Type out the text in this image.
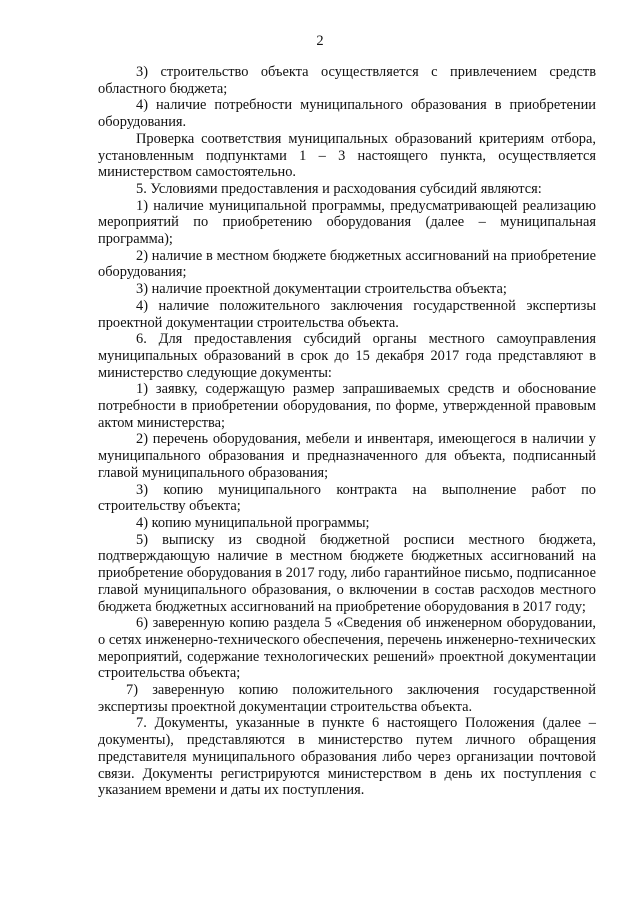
2

3) строительство объекта осуществляется с привлечением средств областного бюджета;

4) наличие потребности муниципального образования в приобретении оборудования.

Проверка соответствия муниципальных образований критериям отбора, установленным подпунктами 1 – 3 настоящего пункта, осуществляется министерством самостоятельно.

5. Условиями предоставления и расходования субсидий являются:

1) наличие муниципальной программы, предусматривающей реализацию мероприятий по приобретению оборудования (далее – муниципальная программа);

2) наличие в местном бюджете бюджетных ассигнований на приобретение оборудования;

3) наличие проектной документации строительства объекта;

4) наличие положительного заключения государственной экспертизы проектной документации строительства объекта.

6. Для предоставления субсидий органы местного самоуправления муниципальных образований в срок до 15 декабря 2017 года представляют в министерство следующие документы:

1) заявку, содержащую размер запрашиваемых средств и обоснование потребности в приобретении оборудования, по форме, утвержденной правовым актом министерства;

2) перечень оборудования, мебели и инвентаря, имеющегося в наличии у муниципального образования и предназначенного для объекта, подписанный главой муниципального образования;

3) копию муниципального контракта на выполнение работ по строительству объекта;

4) копию муниципальной программы;

5) выписку из сводной бюджетной росписи местного бюджета, подтверждающую наличие в местном бюджете бюджетных ассигнований на приобретение оборудования в 2017 году, либо гарантийное письмо, подписанное главой муниципального образования, о включении в состав расходов местного бюджета бюджетных ассигнований на приобретение оборудования в 2017 году;

6) заверенную копию раздела 5 «Сведения об инженерном оборудовании, о сетях инженерно-технического обеспечения, перечень инженерно-технических мероприятий, содержание технологических решений» проектной документации строительства объекта;

7) заверенную копию положительного заключения государственной экспертизы проектной документации строительства объекта.

7. Документы, указанные в пункте 6 настоящего Положения (далее – документы), представляются в министерство путем личного обращения представителя муниципального образования либо через организации почтовой связи. Документы регистрируются министерством в день их поступления с указанием времени и даты их поступления.
